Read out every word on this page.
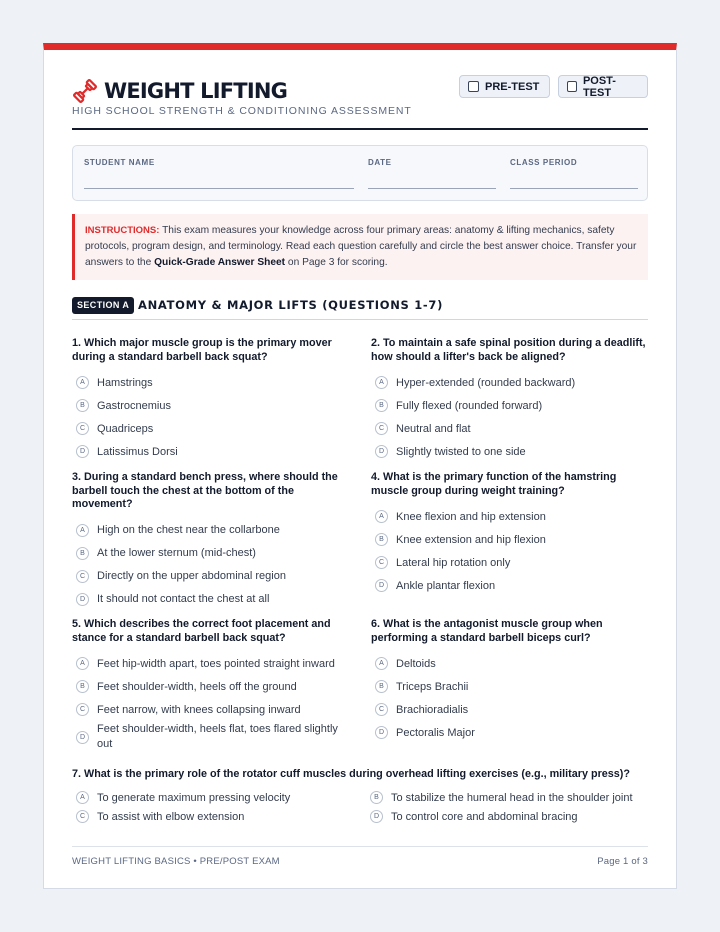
WEIGHT LIFTING
HIGH SCHOOL STRENGTH & CONDITIONING ASSESSMENT
PRE-TEST	POST-TEST
STUDENT NAME	DATE	CLASS PERIOD
INSTRUCTIONS: This exam measures your knowledge across four primary areas: anatomy & lifting mechanics, safety protocols, program design, and terminology. Read each question carefully and circle the best answer choice. Transfer your answers to the Quick-Grade Answer Sheet on Page 3 for scoring.
SECTION A ANATOMY & MAJOR LIFTS (QUESTIONS 1-7)
1. Which major muscle group is the primary mover during a standard barbell back squat?
A	Hamstrings
B	Gastrocnemius
C	Quadriceps
D	Latissimus Dorsi
2. To maintain a safe spinal position during a deadlift, how should a lifter's back be aligned?
A	Hyper-extended (rounded backward)
B	Fully flexed (rounded forward)
C	Neutral and flat
D	Slightly twisted to one side
3. During a standard bench press, where should the barbell touch the chest at the bottom of the movement?
A	High on the chest near the collarbone
B	At the lower sternum (mid-chest)
C	Directly on the upper abdominal region
D	It should not contact the chest at all
4. What is the primary function of the hamstring muscle group during weight training?
A	Knee flexion and hip extension
B	Knee extension and hip flexion
C	Lateral hip rotation only
D	Ankle plantar flexion
5. Which describes the correct foot placement and stance for a standard barbell back squat?
A	Feet hip-width apart, toes pointed straight inward
B	Feet shoulder-width, heels off the ground
C	Feet narrow, with knees collapsing inward
D
Feet shoulder-width, heels flat, toes flared slightly out
6. What is the antagonist muscle group when performing a standard barbell biceps curl?
A	Deltoids
B	Triceps Brachii
C	Brachioradialis
D	Pectoralis Major
7. What is the primary role of the rotator cuff muscles during overhead lifting exercises (e.g., military press)?
A	To generate maximum pressing velocity	B	To stabilize the humeral head in the shoulder joint
C	To assist with elbow extension	D	To control core and abdominal bracing
WEIGHT LIFTING BASICS • PRE/POST EXAM	Page 1 of 3
